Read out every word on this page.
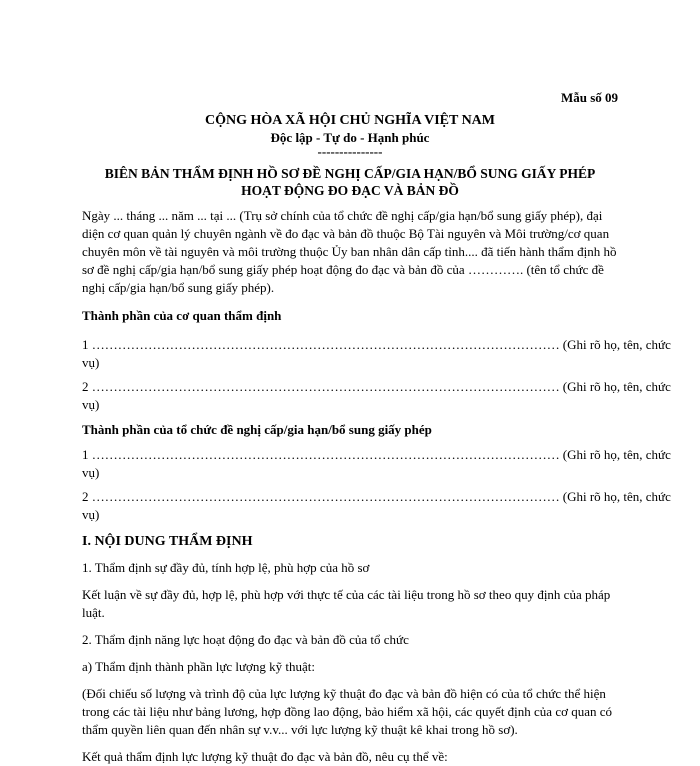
Mẫu số 09
CỘNG HÒA XÃ HỘI CHỦ NGHĨA VIỆT NAM
Độc lập - Tự do - Hạnh phúc
---------------
BIÊN BẢN THẨM ĐỊNH HỒ SƠ ĐỀ NGHỊ CẤP/GIA HẠN/BỔ SUNG GIẤY PHÉP
HOẠT ĐỘNG ĐO ĐẠC VÀ BẢN ĐỒ

Ngày ... tháng ... năm ... tại ... (Trụ sở chính của tổ chức đề nghị cấp/gia hạn/bổ sung giấy phép), đại diện cơ quan quản lý chuyên ngành về đo đạc và bản đồ thuộc Bộ Tài nguyên và Môi trường/cơ quan chuyên môn về tài nguyên và môi trường thuộc Ủy ban nhân dân cấp tỉnh.... đã tiến hành thẩm định hồ sơ đề nghị cấp/gia hạn/bổ sung giấy phép hoạt động đo đạc và bản đồ của …………. (tên tổ chức đề nghị cấp/gia hạn/bổ sung giấy phép).

Thành phần của cơ quan thẩm định

1
……………………………………………………………………………………………… (Ghi rõ họ, tên, chức
vụ)
2
……………………………………………………………………………………………… (Ghi rõ họ, tên, chức
vụ)

Thành phần của tổ chức đề nghị cấp/gia hạn/bổ sung giấy phép

1
……………………………………………………………………………………………… (Ghi rõ họ, tên, chức
vụ)
2
……………………………………………………………………………………………… (Ghi rõ họ, tên, chức
vụ)

I. NỘI DUNG THẨM ĐỊNH

1. Thẩm định sự đầy đủ, tính hợp lệ, phù hợp của hồ sơ

Kết luận về sự đầy đủ, hợp lệ, phù hợp với thực tế của các tài liệu trong hồ sơ theo quy định của pháp luật.

2. Thẩm định năng lực hoạt động đo đạc và bản đồ của tổ chức

a) Thẩm định thành phần lực lượng kỹ thuật:

(Đối chiếu số lượng và trình độ của lực lượng kỹ thuật đo đạc và bản đồ hiện có của tổ chức thể hiện trong các tài liệu như bảng lương, hợp đồng lao động, bảo hiểm xã hội, các quyết định của cơ quan có thẩm quyền liên quan đến nhân sự v.v... với lực lượng kỹ thuật kê khai trong hồ sơ).

Kết quả thẩm định lực lượng kỹ thuật đo đạc và bản đồ, nêu cụ thể về:
